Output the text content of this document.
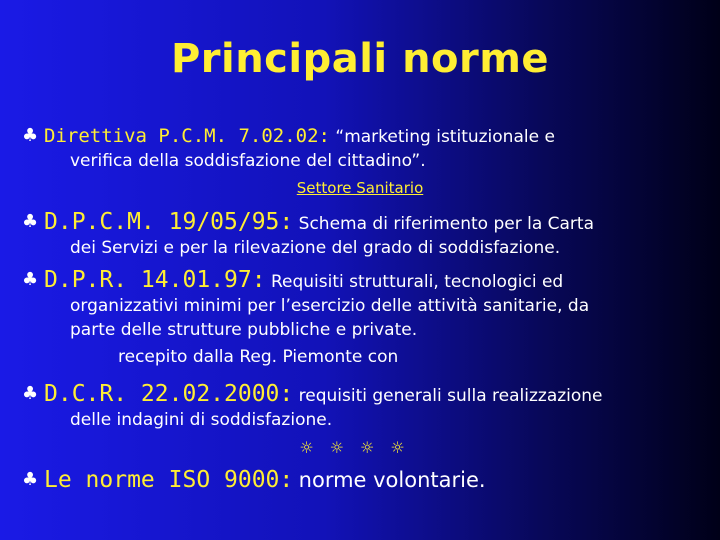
Principali norme
♣ Direttiva P.C.M. 7.02.02: “marketing istituzionale e
verifica della soddisfazione del cittadino”.
Settore Sanitario
♣ D.P.C.M. 19/05/95: Schema di riferimento per la Carta
dei Servizi e per la rilevazione del grado di soddisfazione.
♣ D.P.R. 14.01.97: Requisiti strutturali, tecnologici ed
organizzativi minimi per l’esercizio delle attività sanitarie, da
parte delle strutture pubbliche e private.
recepito dalla Reg. Piemonte con
♣ D.C.R. 22.02.2000: requisiti generali sulla realizzazione
delle indagini di soddisfazione.
☼☼☼☼
♣ Le norme ISO 9000: norme volontarie.
